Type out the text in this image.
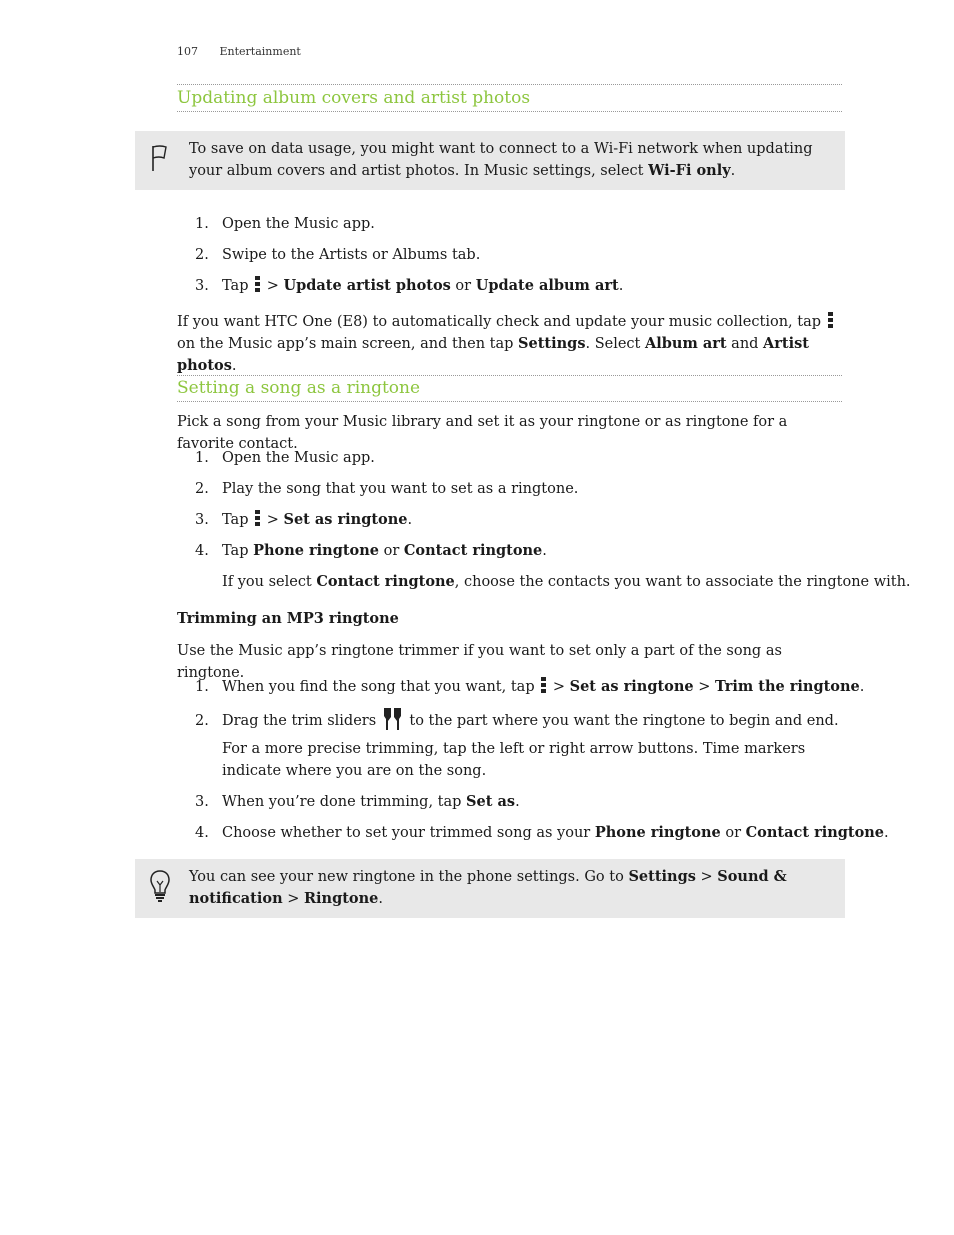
107 Entertainment
Updating album covers and artist photos
To save on data usage, you might want to connect to a Wi-Fi network when updating your album covers and artist photos. In Music settings, select Wi-Fi only.
1. Open the Music app.
2. Swipe to the Artists or Albums tab.
3. Tap > Update artist photos or Update album art.

If you want HTC One (E8) to automatically check and update your music collection, tap  on the Music app’s main screen, and then tap Settings. Select Album art and Artist photos.

Setting a song as a ringtone

Pick a song from your Music library and set it as your ringtone or as ringtone for a favorite contact.

1. Open the Music app.
2. Play the song that you want to set as a ringtone.
3. Tap > Set as ringtone.
4. Tap Phone ringtone or Contact ringtone.
If you select Contact ringtone, choose the contacts you want to associate the ringtone with.
Trimming an MP3 ringtone

Use the Music app’s ringtone trimmer if you want to set only a part of the song as ringtone.

1. When you find the song that you want, tap > Set as ringtone > Trim the ringtone.
2. Drag the trim sliders to the part where you want the ringtone to begin and end.

For a more precise trimming, tap the left or right arrow buttons. Time markers indicate where you are on the song.

3. When you’re done trimming, tap Set as.
4. Choose whether to set your trimmed song as your Phone ringtone or Contact ringtone.
You can see your new ringtone in the phone settings. Go to Settings > Sound & notification > Ringtone.
